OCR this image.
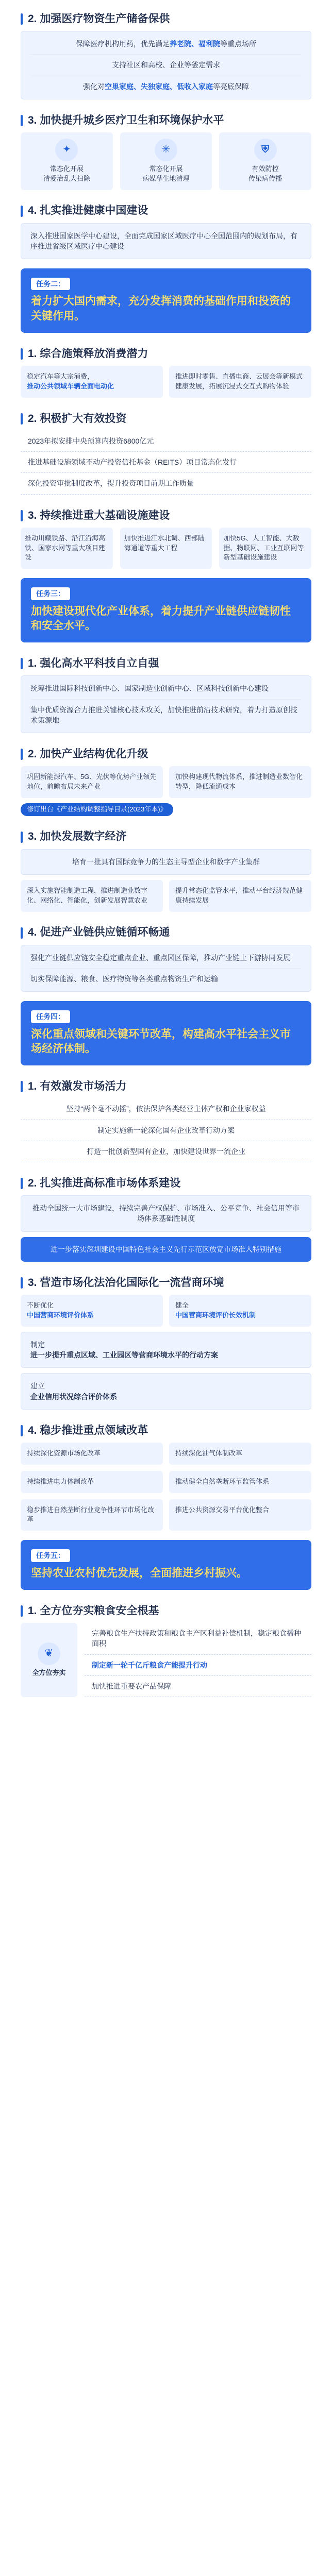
2. 加强医疗物资生产储备保供

保障医疗机构用药，优先满足养老院、福利院等重点场所

支持社区和高校、企业等釜定需求

强化对空巢家庭、失独家庭、低收入家庭等亮底保障

3. 加快提升城乡医疗卫生和环境保护水平
✦
常态化开展
清爱治乱大扫除
✳
常态化开展
病媒孳生地清理
⛨
有效防控
传染病传播
4. 扎实推进健康中国建设

深入推进国家医学中心建设，全面完成国家区域医疗中心全国范围内的规划布局，有序推进省级区域医疗中心建设

任务二：
着力扩大国内需求，充分发挥消费的基础作用和投资的关键作用。
1. 综合施策释放消费潜力

稳定汽车等大宗消费，

推动公共领域车辆全面电动化

推进即时零售、直播电商、云展会等新模式健康发展，拓展沉浸式交互式购物体验

2. 积极扩大有效投资
2023年拟安排中央预算内投资6800亿元
推进基础设施领域不动产投资信托基金（REITS）项目常态化发行
深化投资审批制度改革，提升投资项目前期工作质量
3. 持续推进重大基础设施建设
推动川藏铁路、沿江沿海高铁、国家水网等重大项目建设
加快推进江水北调、西部陆海通道等重大工程
加快5G、人工智能、大数据、物联网、工业互联网等新型基础设施建设
任务三：
加快建设现代化产业体系，着力提升产业链供应链韧性和安全水平。
1. 强化高水平科技自立自强

统筹推进国际科技创新中心、国家制造业创新中心、区域科技创新中心建设

集中优质资源合力推进关键核心技术攻关，加快推进前沿技术研究，着力打造原创技术策源地

2. 加快产业结构优化升级
巩固新能源汽车、5G、光伏等优势产业领先地位，前瞻布局未来产业
加快构建现代物流体系，推进制造业数智化转型，降低流通成本
修订出台《产业结构调整指导目录(2023年本)》
3. 加快发展数字经济

培育一批具有国际竞争力的生态主导型企业和数字产业集群

深入实施智能制造工程，推进制造业数字化、网络化、智能化，创新发展智慧农业
提升常态化监管水平，推动平台经济规范健康持续发展
4. 促进产业链供应链循环畅通

强化产业链供应链安全稳定重点企业、重点园区保障，推动产业链上下游协同发展

切实保障能源、粮食、医疗物资等各类重点物资生产和运输

任务四：
深化重点领域和关键环节改革，构建高水平社会主义市场经济体制。
1. 有效激发市场活力
坚持“两个毫不动摇”，依法保护各类经营主体产权和企业家权益
制定实施新一轮深化国有企业改革行动方案
打造一批创新型国有企业，加快建设世界一流企业
2. 扎实推进高标准市场体系建设

推动全国统一大市场建设，持续完善产权保护、市场准入、公平竞争、社会信用等市场体系基础性制度

进一步落实深圳建设中国特色社会主义先行示范区放宽市场准入特别措施
3. 营造市场化法治化国际化一流营商环境

不断优化

中国营商环境评价体系

健全

中国营商环境评价长效机制

制定

进一步提升重点区域、工业园区等营商环境水平的行动方案

建立

企业信用状况综合评价体系

4. 稳步推进重点领域改革
持续深化资源市场化改革	持续深化油气体制改革
持续推进电力体制改革	推动健全自然垄断环节监管体系
稳步推进自然垄断行业竞争性环节市场化改革
推进公共资源交易平台优化整合
任务五：
坚持农业农村优先发展，全面推进乡村振兴。
1. 全方位夯实粮食安全根基
❦
全方位夯实
完善粮食生产扶持政策和粮食主产区利益补偿机制，稳定粮食播种面积
制定新一轮千亿斤粮食产能提升行动
加快推进重要农产品保障
